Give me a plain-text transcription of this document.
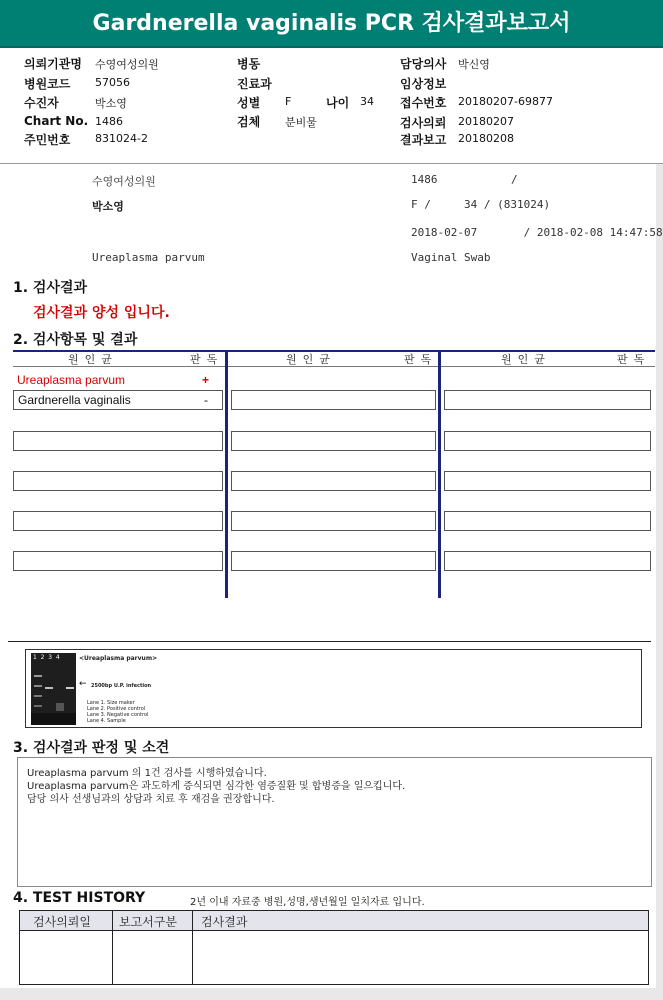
Gardnerella vaginalis PCR 검사결과보고서
의뢰기관명 수영여성의원
병원코드 57056
수진자	박소영
Chart No. 1486
주민번호 831024-2
병동
진료과
성별 F	나이 34
검체 분비물
담당의사 박신영
임상정보
접수번호 20180207-69877
검사의뢰 20180207
결과보고 20180208
수영여성의원	1486	/
박소영	F /     34 / (831024)
2018-02-07       / 2018-02-08 14:47:58
Ureaplasma parvum	Vaginal Swab
1. 검사결과
검사결과 양성 입니다.
2. 검사항목 및 결과
원인균	판독	원인균	판독	원인균	판독
Ureaplasma parvum	+
Gardnerella vaginalis	-
1  2  3  4	<Ureaplasma parvum>
← 2500bp U.P. infection
Lane 1. Size maker
Lane 2. Positive control
Lane 3. Negative control
Lane 4. Sample
3. 검사결과 판정 및 소견
Ureaplasma parvum 의 1건 검사를 시행하였습니다.
Ureaplasma parvum은 과도하게 증식되면 심각한 염증질환 및 합병증을 일으킵니다.
담당 의사 선생님과의 상담과 치료 후 재검을 권장합니다.
4. TEST HISTORY	2년 이내 자료중 병원,성명,생년월일 일치자료 입니다.
검사의뢰일 보고서구분 검사결과
